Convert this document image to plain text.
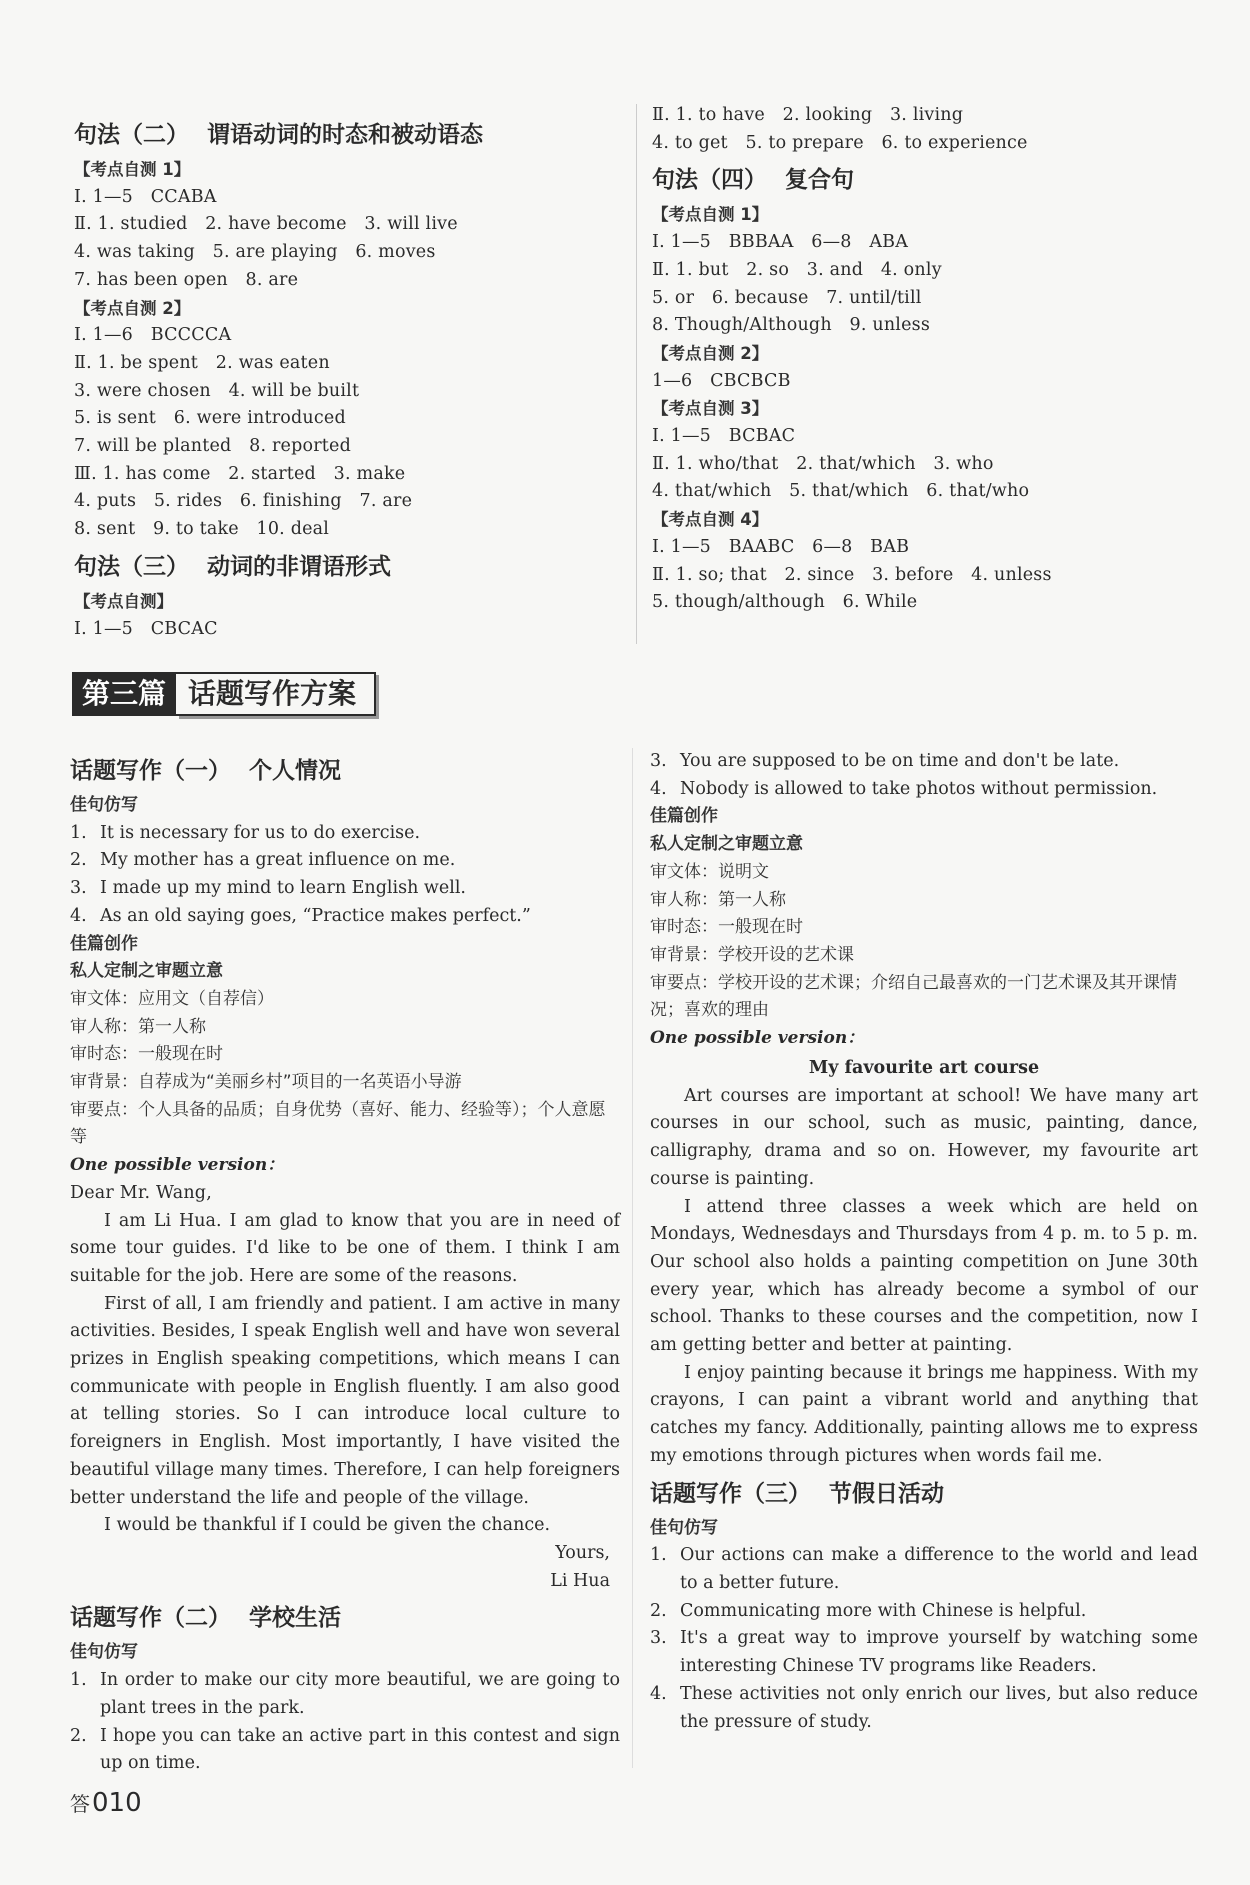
句法（二） 谓语动词的时态和被动语态
【考点自测 1】
Ⅰ. 1—5　CCABA
Ⅱ. 1. studied　2. have become　3. will live
4. was taking　5. are playing　6. moves
7. has been open　8. are
【考点自测 2】
Ⅰ. 1—6　BCCCCA
Ⅱ. 1. be spent　2. was eaten
3. were chosen　4. will be built
5. is sent　6. were introduced
7. will be planted　8. reported
Ⅲ. 1. has come　2. started　3. make
4. puts　5. rides　6. finishing　7. are
8. sent　9. to take　10. deal
句法（三） 动词的非谓语形式
【考点自测】
Ⅰ. 1—5　CBCAC
Ⅱ. 1. to have　2. looking　3. living
4. to get　5. to prepare　6. to experience
句法（四） 复合句
【考点自测 1】
Ⅰ. 1—5　BBBAA　6—8　ABA
Ⅱ. 1. but　2. so　3. and　4. only
5. or　6. because　7. until/till
8. Though/Although　9. unless
【考点自测 2】
1—6　CBCBCB
【考点自测 3】
Ⅰ. 1—5　BCBAC
Ⅱ. 1. who/that　2. that/which　3. who
4. that/which　5. that/which　6. that/who
【考点自测 4】
Ⅰ. 1—5　BAABC　6—8　BAB
Ⅱ. 1. so; that　2. since　3. before　4. unless
5. though/although　6. While
第三篇 话题写作方案
话题写作（一） 个人情况
佳句仿写
1. It is necessary for us to do exercise.
2. My mother has a great influence on me.
3. I made up my mind to learn English well.
4. As an old saying goes, “Practice makes perfect.”
佳篇创作
私人定制之审题立意
审文体：应用文（自荐信）
审人称：第一人称
审时态：一般现在时
审背景：自荐成为“美丽乡村”项目的一名英语小导游
审要点：个人具备的品质；自身优势（喜好、能力、经验等）；个人意愿等
One possible version：
Dear Mr. Wang,

I am Li Hua. I am glad to know that you are in need of some tour guides. I'd like to be one of them. I think I am suitable for the job. Here are some of the reasons.

First of all, I am friendly and patient. I am active in many activities. Besides, I speak English well and have won several prizes in English speaking competitions, which means I can communicate with people in English fluently. I am also good at telling stories. So I can introduce local culture to foreigners in English. Most importantly, I have visited the beautiful village many times. Therefore, I can help foreigners better understand the life and people of the village.

I would be thankful if I could be given the chance.

Yours,
Li Hua
话题写作（二） 学校生活
佳句仿写
1. In order to make our city more beautiful, we are going to plant trees in the park.
2. I hope you can take an active part in this contest and sign up on time.
3. You are supposed to be on time and don't be late.
4. Nobody is allowed to take photos without permission.
佳篇创作
私人定制之审题立意
审文体：说明文
审人称：第一人称
审时态：一般现在时
审背景：学校开设的艺术课
审要点：学校开设的艺术课；介绍自己最喜欢的一门艺术课及其开课情况；喜欢的理由
One possible version：
My favourite art course

Art courses are important at school! We have many art courses in our school, such as music, painting, dance, calligraphy, drama and so on. However, my favourite art course is painting.

I attend three classes a week which are held on Mondays, Wednesdays and Thursdays from 4 p. m. to 5 p. m. Our school also holds a painting competition on June 30th every year, which has already become a symbol of our school. Thanks to these courses and the competition, now I am getting better and better at painting.

I enjoy painting because it brings me happiness. With my crayons, I can paint a vibrant world and anything that catches my fancy. Additionally, painting allows me to express my emotions through pictures when words fail me.

话题写作（三） 节假日活动
佳句仿写
1. Our actions can make a difference to the world and lead to a better future.
2. Communicating more with Chinese is helpful.
3. It's a great way to improve yourself by watching some interesting Chinese TV programs like Readers.
4. These activities not only enrich our lives, but also reduce the pressure of study.
答010
